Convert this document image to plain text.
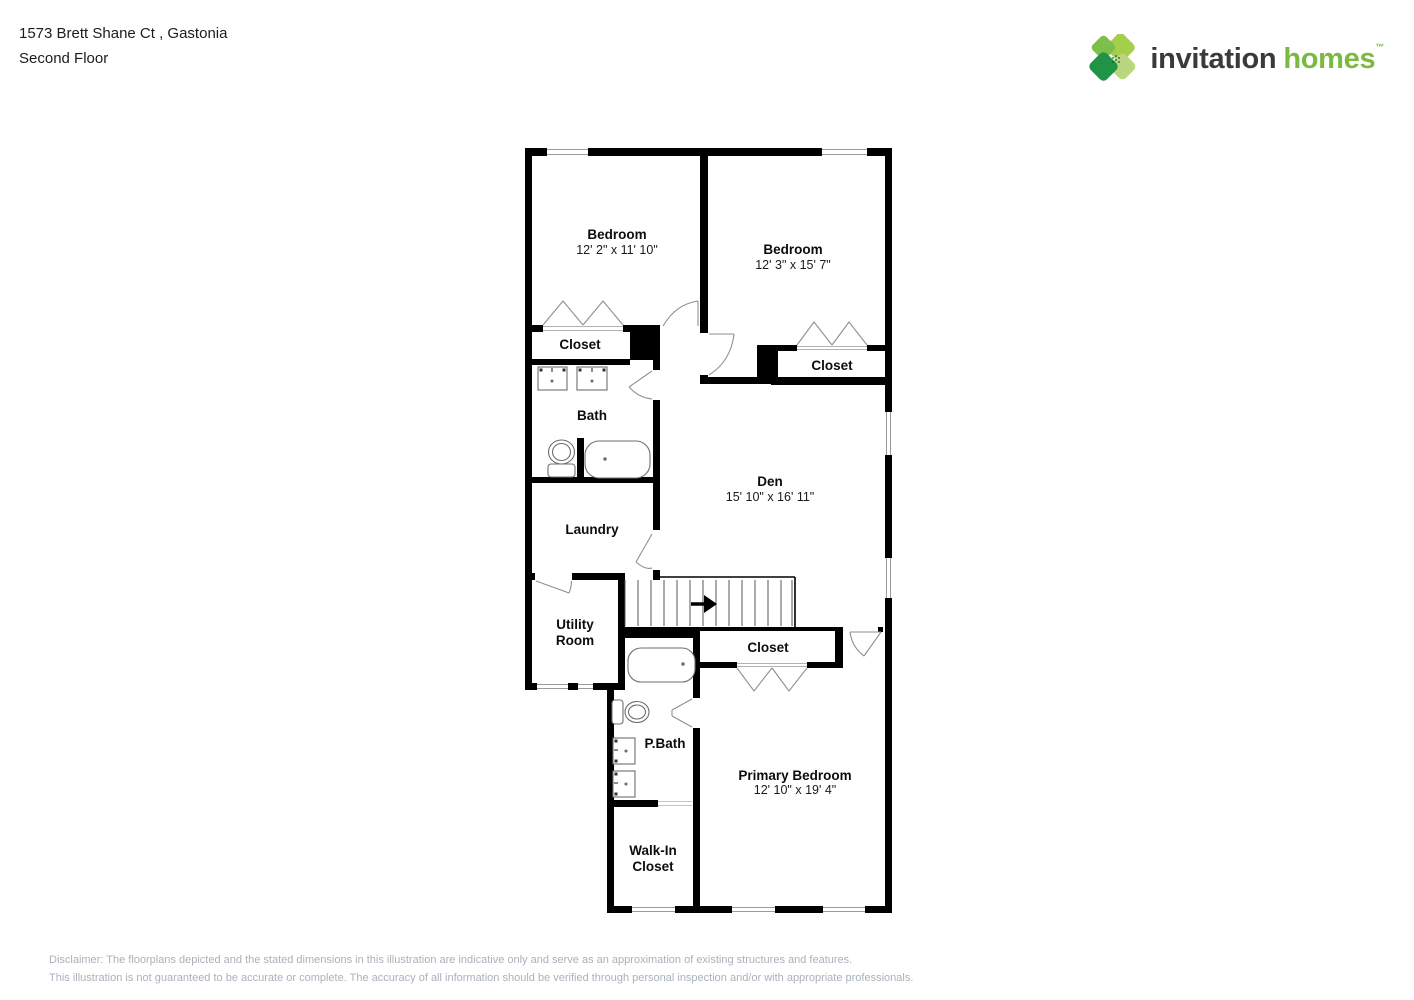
1573 Brett Shane Ct , Gastonia
Second Floor	invitation homes™
Bedroom
12' 2" x 11' 10"	Bedroom
12' 3" x 15' 7"
Closet
Closet
Bath
Laundry
Den
15' 10" x 16' 11"
Utility
Room	Closet
P.Bath
Primary Bedroom
12' 10" x 19' 4"
Walk-In
Closet
Disclaimer: The floorplans depicted and the stated dimensions in this illustration are indicative only and serve as an approximation of existing structures and features.
This illustration is not guaranteed to be accurate or complete. The accuracy of all information should be verified through personal inspection and/or with appropriate professionals.
